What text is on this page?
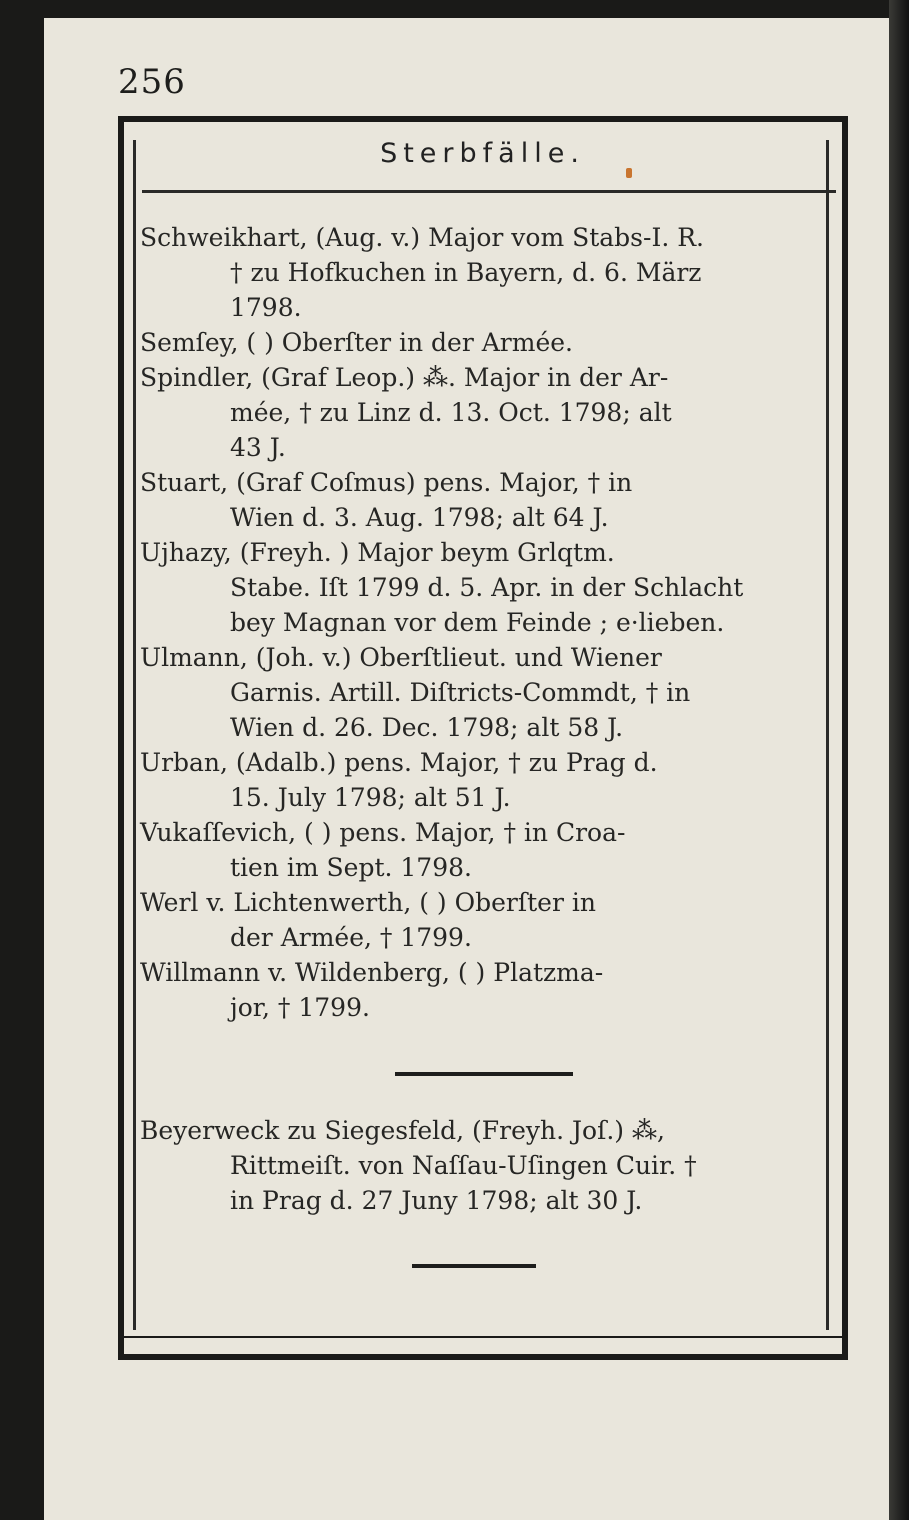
256
Sterbfälle.
Schweikhart, (Aug. v.) Major vom Stabs-I. R.
† zu Hofkuchen in Bayern, d. 6. März
1798.
Semſey, ( ) Oberſter in der Armée.
Spindler, (Graf Leop.) ⁂. Major in der Ar-
mée, † zu Linz d. 13. Oct. 1798; alt
43 J.
Stuart, (Graf Coſmus) pens. Major, † in
Wien d. 3. Aug. 1798; alt 64 J.
Ujhazy, (Freyh. ) Major beym Grlqtm.
Stabe. Iſt 1799 d. 5. Apr. in der Schlacht
bey Magnan vor dem Feinde ; e·lieben.
Ulmann, (Joh. v.) Oberſtlieut. und Wiener
Garnis. Artill. Diſtricts-Commdt, † in
Wien d. 26. Dec. 1798; alt 58 J.
Urban, (Adalb.) pens. Major, † zu Prag d.
15. July 1798; alt 51 J.
Vukaſſevich, ( ) pens. Major, † in Croa-
tien im Sept. 1798.
Werl v. Lichtenwerth, ( ) Oberſter in
der Armée, † 1799.
Willmann v. Wildenberg, ( ) Platzma-
jor, † 1799.
Beyerweck zu Siegesfeld, (Freyh. Joſ.) ⁂,
Rittmeiſt. von Naſſau-Uſingen Cuir. †
in Prag d. 27 Juny 1798; alt 30 J.
